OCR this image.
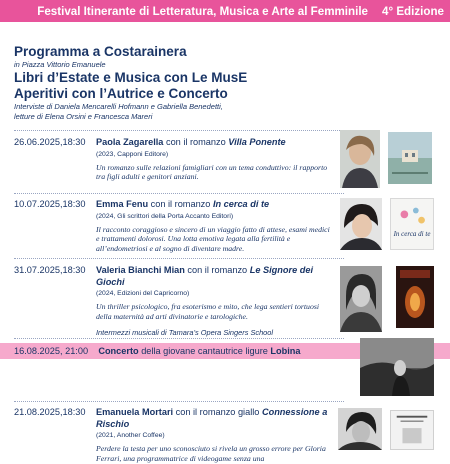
Festival Itinerante di Letteratura, Musica e Arte al Femminile 4° Edizione
Programma a Costarainera
in Piazza Vittorio Emanuele
Libri d’Estate e Musica con Le MusE
Aperitivi con l’Autrice e Concerto
Interviste di Daniela Mencarelli Hofmann e Gabriella Benedetti,
letture di Elena Orsini e Francesca Mareri
26.06.2025,18:30 Paola Zagarella con il romanzo Villa Ponente
(2023, Capponi Editore)
Un romanzo sulle relazioni famigliari con un tema conduttivo: il rapporto tra figli adulti e genitori anziani.
10.07.2025,18:30 Emma Fenu con il romanzo In cerca di te
(2024, Gli scrittori della Porta Accanto Editori)
Il racconto coraggioso e sincero di un viaggio fatto di attese, esami medici e trattamenti dolorosi. Una lotta emotiva legata alla fertilità e all’endometriosi e al sogno di diventare madre.
In cerca di te
31.07.2025,18:30 Valeria Bianchi Mian con il romanzo Le Signore dei Giochi
(2024, Edizioni del Capricorno)
Un thriller psicologico, fra esoterismo e mito, che lega sentieri tortuosi della maternità ad arti divinatorie e tarologiche.
Intermezzi musicali di Tamara’s Opera Singers School
16.08.2025, 21:00 Concerto della giovane cantautrice ligure Lobina
21.08.2025,18:30 Emanuela Mortari con il romanzo giallo Connessione a Rischio
(2021, Another Coffee)
Perdere la testa per uno sconosciuto si rivela un grosso errore per Gloria Ferrari, una programmatrice di videogame senza una
